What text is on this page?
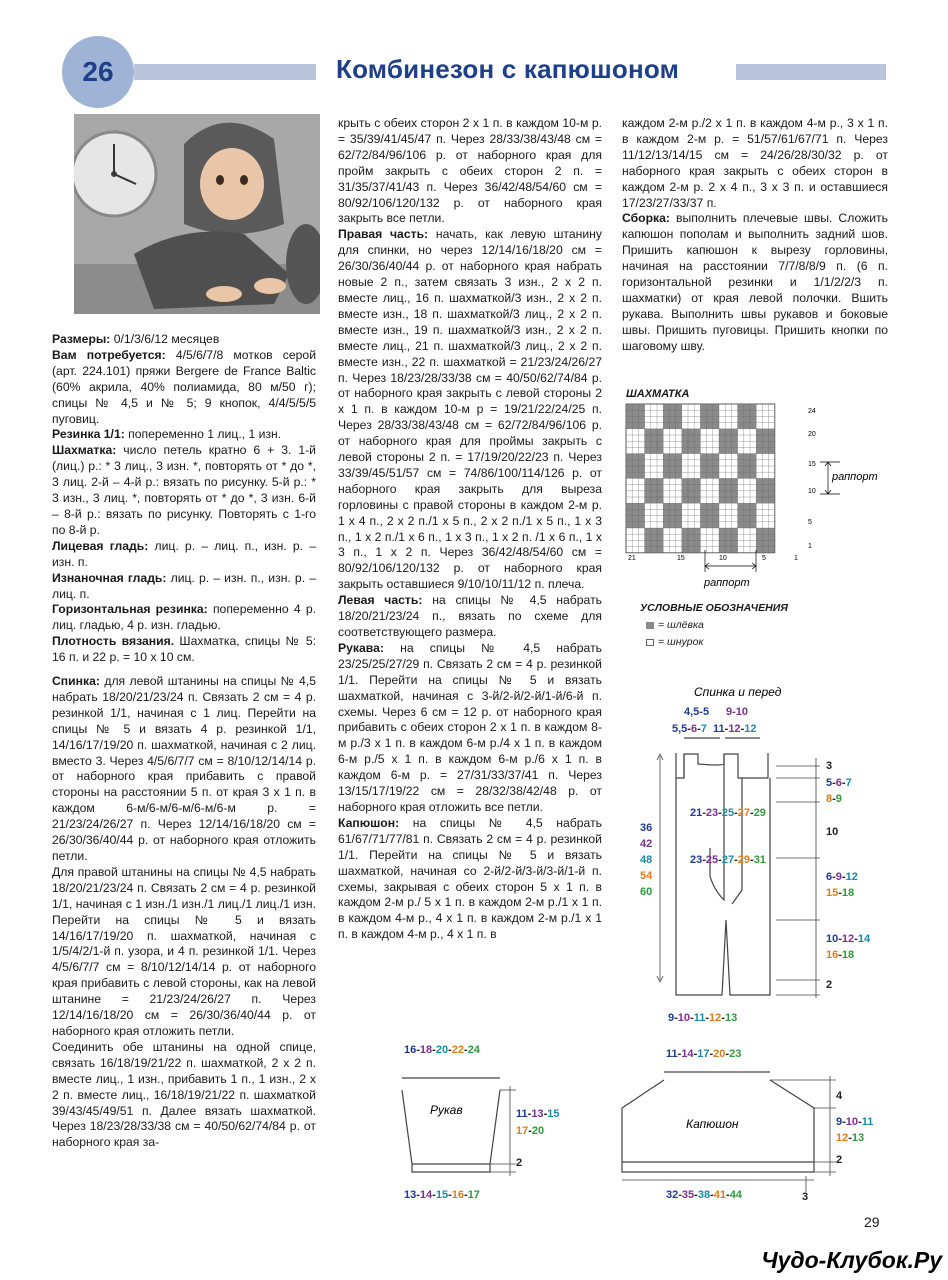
26	Комбинезон с капюшоном

Размеры: 0/1/3/6/12 месяцев

Вам потребуется: 4/5/6/7/8 мотков серой (арт. 224.101) пряжи Bergere de France Baltic (60% акрила, 40% полиамида, 80 м/50 г); спицы № 4,5 и № 5; 9 кнопок, 4/4/5/5/5 пуговиц.

Резинка 1/1: попеременно 1 лиц., 1 изн.

Шахматка: число петель кратно 6 + 3. 1-й (лиц.) р.: * 3 лиц., 3 изн. *, повторять от * до *, 3 лиц. 2-й – 4-й р.: вязать по рисунку. 5-й р.: * 3 изн., 3 лиц. *, повторять от * до *, 3 изн. 6-й – 8-й р.: вязать по рисунку. Повторять с 1-го по 8-й р.

Лицевая гладь: лиц. р. – лиц. п., изн. р. – изн. п.

Изнаночная гладь: лиц. р. – изн. п., изн. р. – лиц. п.

Горизонтальная резинка: попеременно 4 р. лиц. гладью, 4 р. изн. гладью.

Плотность вязания. Шахматка, спицы № 5: 16 п. и 22 р. = 10 х 10 см.

Спинка: для левой штанины на спицы № 4,5 набрать 18/20/21/23/24 п. Связать 2 см = 4 р. резинкой 1/1, начиная с 1 лиц. Перейти на спицы № 5 и вязать 4 р. резинкой 1/1, 14/16/17/19/20 п. шахматкой, начиная с 2 лиц. вместо 3. Через 4/5/6/7/7 см = 8/10/12/14/14 р. от наборного края прибавить с правой стороны на расстоянии 5 п. от края 3 х 1 п. в каждом 6-м/6-м/6-м/6-м/6-м р. = 21/23/24/26/27 п. Через 12/14/16/18/20 см = 26/30/36/40/44 р. от наборного края отложить петли.

Для правой штанины на спицы № 4,5 набрать 18/20/21/23/24 п. Связать 2 см = 4 р. резинкой 1/1, начиная с 1 изн./1 изн./1 лиц./1 лиц./1 изн. Перейти на спицы № 5 и вязать 14/16/17/19/20 п. шахматкой, начиная с 1/5/4/2/1-й п. узора, и 4 п. резинкой 1/1. Через 4/5/6/7/7 см = 8/10/12/14/14 р. от наборного края прибавить с левой стороны, как на левой штанине = 21/23/24/26/27 п. Через 12/14/16/18/20 см = 26/30/36/40/44 р. от наборного края отложить петли.

Соединить обе штанины на одной спице, связать 16/18/19/21/22 п. шахматкой, 2 х 2 п. вместе лиц., 1 изн., прибавить 1 п., 1 изн., 2 х 2 п. вместе лиц., 16/18/19/21/22 п. шахматкой 39/43/45/49/51 п. Далее вязать шахматкой. Через 18/23/28/33/38 см = 40/50/62/74/84 р. от наборного края за-

крыть с обеих сторон 2 х 1 п. в каждом 10-м р. = 35/39/41/45/47 п. Через 28/33/38/43/48 см = 62/72/84/96/106 р. от наборного края для пройм закрыть с обеих сторон 2 п. = 31/35/37/41/43 п. Через 36/42/48/54/60 см = 80/92/106/120/132 р. от наборного края закрыть все петли.

Правая часть: начать, как левую штанину для спинки, но через 12/14/16/18/20 см = 26/30/36/40/44 р. от наборного края набрать новые 2 п., затем связать 3 изн., 2 х 2 п. вместе лиц., 16 п. шахматкой/3 изн., 2 х 2 п. вместе изн., 18 п. шахматкой/3 лиц., 2 х 2 п. вместе изн., 19 п. шахматкой/3 изн., 2 х 2 п. вместе лиц., 21 п. шахматкой/3 лиц., 2 х 2 п. вместе изн., 22 п. шахматкой = 21/23/24/26/27 п. Через 18/23/28/33/38 см = 40/50/62/74/84 р. от наборного края закрыть с левой стороны 2 х 1 п. в каждом 10-м р = 19/21/22/24/25 п. Через 28/33/38/43/48 см = 62/72/84/96/106 р. от наборного края для проймы закрыть с левой стороны 2 п. = 17/19/20/22/23 п. Через 33/39/45/51/57 см = 74/86/100/114/126 р. от наборного края закрыть для выреза горловины с правой стороны в каждом 2-м р. 1 х 4 п., 2 х 2 п./1 х 5 п., 2 х 2 п./1 х 5 п., 1 х 3 п., 1 х 2 п./1 х 6 п., 1 х 3 п., 1 х 2 п. /1 х 6 п., 1 х 3 п., 1 х 2 п. Через 36/42/48/54/60 см = 80/92/106/120/132 р. от наборного края закрыть оставшиеся 9/10/10/11/12 п. плеча.

Левая часть: на спицы № 4,5 набрать 18/20/21/23/24 п., вязать по схеме для соответствующего размера.

Рукава: на спицы № 4,5 набрать 23/25/25/27/29 п. Связать 2 см = 4 р. резинкой 1/1. Перейти на спицы № 5 и вязать шахматкой, начиная с 3-й/2-й/2-й/1-й/6-й п. схемы. Через 6 см = 12 р. от наборного края прибавить с обеих сторон 2 х 1 п. в каждом 8-м р./3 х 1 п. в каждом 6-м р./4 х 1 п. в каждом 6-м р./5 х 1 п. в каждом 6-м р./6 х 1 п. в каждом 6-м р. = 27/31/33/37/41 п. Через 13/15/17/19/22 см = 28/32/38/42/48 р. от наборного края отложить все петли.

Капюшон: на спицы № 4,5 набрать 61/67/71/77/81 п. Связать 2 см = 4 р. резинкой 1/1. Перейти на спицы № 5 и вязать шахматкой, начиная со 2-й/2-й/3-й/3-й/1-й п. схемы, закрывая с обеих сторон 5 х 1 п. в каждом 2-м р./ 5 х 1 п. в каждом 2-м р./1 х 1 п. в каждом 4-м р., 4 х 1 п. в каждом 2-м р./1 х 1 п. в каждом 4-м р., 4 х 1 п. в

каждом 2-м р./2 х 1 п. в каждом 4-м р., 3 х 1 п. в каждом 2-м р. = 51/57/61/67/71 п. Через 11/12/13/14/15 см = 24/26/28/30/32 р. от наборного края закрыть с обеих сторон в каждом 2-м р. 2 х 4 п., 3 х 3 п. и оставшиеся 17/23/27/33/37 п.

Сборка: выполнить плечевые швы. Сложить капюшон пополам и выполнить задний шов. Пришить капюшон к вырезу горловины, начиная на расстоянии 7/7/8/8/9 п. (6 п. горизонтальной резинки и 1/1/2/2/3 п. шахматки) от края левой полочки. Вшить рукава. Выполнить швы рукавов и боковые швы. Пришить пуговицы. Пришить кнопки по шаговому шву.

ШАХМАТКА
24
20
15
10
5
1
21	15	10	5	1
раппорт
раппорт
УСЛОВНЫЕ ОБОЗНАЧЕНИЯ
= шлёвка
= шнурок
Спинка и перед
4,5-5 9-10
5,5-6-7 11-12-12
21-23-25-27-29
23-25-27-29-31
36
42
48
54
60
3
5-6-7
8-9
10
6-9-12
15-18
10-12-14
16-18
2
9-10-11-12-13
16-18-20-22-24
Рукав	11-13-15
17-20
2
13-14-15-16-17
11-14-17-20-23
Капюшон
4
9-10-11
12-13
2
3
32-35-38-41-44
29
Чудо-Клубок.Ру
